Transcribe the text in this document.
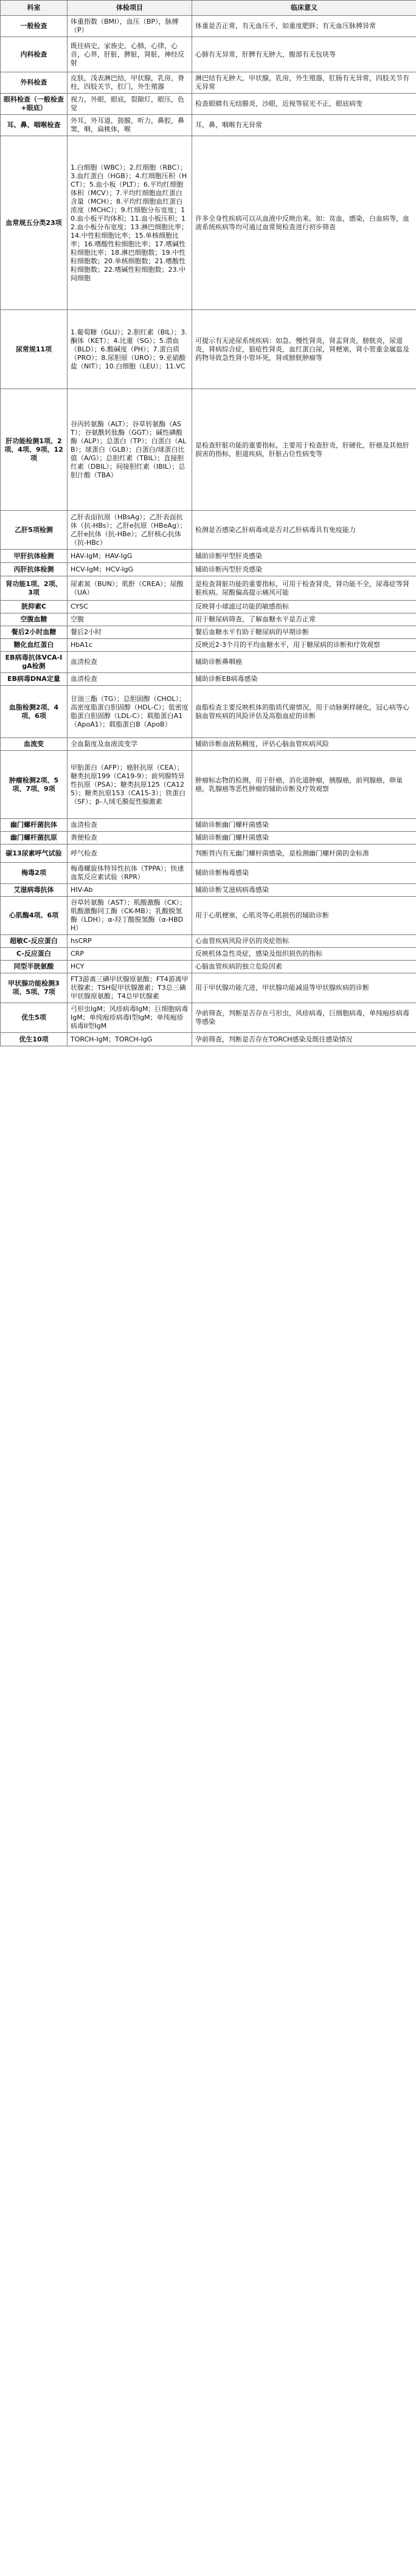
科室	体检项目	临床意义
一般检查	体重指数（BMI），血压（BP），脉搏（P）	体重是否正常，有无血压不，如重度肥胖；有无血压脉搏异常
内科检查	既往病史，家族史，心肺，心律，心音，心界，肝脏，脾脏，肾脏，神经反射	心肺有无异常，肝脾有无肿大，腹部有无包块等
外科检查	皮肤，浅表淋巴结，甲状腺，乳房，脊柱，四肢关节，肛门，外生殖器	淋巴结有无肿大，甲状腺，乳房，外生殖器，肛肠有无异常，四肢关节有无异常
眼科检查（一般检查+眼底）	视力，外眼，眼底，裂隙灯，眼压，色觉	检查眼睛有无结膜炎，沙眼，近视等屈光不正，眼底病变
耳、鼻、咽喉检查	外耳，外耳道，鼓膜，听力，鼻腔，鼻窦，咽，扁桃体，喉	耳，鼻，咽喉有无异常
血常规五分类23项	1.白细胞（WBC）；2.红细胞（RBC）；3.血红蛋白（HGB）；4.红细胞压积（HCT）；5.血小板（PLT）；6.平均红细胞体积（MCV）；7.平均红细胞血红蛋白含量（MCH）；8.平均红细胞血红蛋白浓度（MCHC）；9.红细胞分布宽度；10.血小板平均体积；11.血小板压积；12.血小板分布宽度；13.淋巴细胞比率；14.中性粒细胞比率；15.单核细胞比率；16.嗜酸性粒细胞比率；17.嗜碱性粒细胞比率；18.淋巴细胞数；19.中性粒细胞数；20.单核细胞数；21.嗜酸性粒细胞数；22.嗜碱性粒细胞数；23.中间细胞	许多全身性疾病可以从血液中反映出来。如：贫血，感染，白血病等，血液系统疾病等均可通过血常规检查进行初步筛查
尿常规11项	1.葡萄糖（GLU）；2.胆红素（BIL）；3.酮体（KET）；4.比重（SG）；5.潜血（BLD）；6.酸碱度（PH）；7.蛋白质（PRO）；8.尿胆原（URO）；9.亚硝酸盐（NIT）；10.白细胞（LEU）；11.VC	可提示有无泌尿系统疾病：如急、慢性肾炎，肾盂肾炎，膀胱炎，尿道炎，肾病综合症，狼疮性肾炎，血红蛋白尿，肾梗塞，肾小管重金属盐及药物导致急性肾小管坏死，肾或膀胱肿瘤等
肝功能检测1项、2项、4项、9项、12项	谷丙转氨酶（ALT）；谷草转氨酶（AST）；谷氨酰转肽酶（GGT）；碱性磷酸酶（ALP）；总蛋白（TP）；白蛋白（ALB）；球蛋白（GLB）；白蛋白/球蛋白比值（A/G）；总胆红素（TBIL）；直接胆红素（DBIL）；间接胆红素（IBIL）；总胆汁酸（TBA）	是检查肝脏功能的重要指标，主要用于检查肝炎，肝硬化，肝癌及其他肝损害的指标，胆道疾病，肝脏占位性病变等
乙肝5项检测	乙肝表面抗原（HBsAg）；乙肝表面抗体（抗-HBs）；乙肝e抗原（HBeAg）；乙肝e抗体（抗-HBe）；乙肝核心抗体（抗-HBc）	检测是否感染乙肝病毒或是否对乙肝病毒具有免疫能力
甲肝抗体检测	HAV-IgM；HAV-IgG	辅助诊断甲型肝炎感染
丙肝抗体检测	HCV-IgM；HCV-IgG	辅助诊断丙型肝炎感染
肾功能1项、2项、3项	尿素氮（BUN）；肌酐（CREA）；尿酸（UA）	是检查肾脏功能的重要指标，可用于检查肾炎，肾功能不全，尿毒症等肾脏疾病。尿酸偏高提示痛风可能
胱抑素C	CYSC	反映肾小球滤过功能的敏感指标
空腹血糖	空腹	用于糖尿病筛查，了解血糖水平是否正常
餐后2小时血糖	餐后2小时	餐后血糖水平有助于糖尿病的早期诊断
糖化血红蛋白	HbA1c	反映近2-3个月的平均血糖水平，用于糖尿病的诊断和疗效观察
EB病毒抗体VCA-IgA检测	血清检查	辅助诊断鼻咽癌
EB病毒DNA定量	血清检查	辅助诊断EB病毒感染
血脂检测2项、4项、6项	甘油三酯（TG）；总胆固醇（CHOL）；高密度脂蛋白胆固醇（HDL-C）；低密度脂蛋白胆固醇（LDL-C）；载脂蛋白A1（ApoA1）；载脂蛋白B（ApoB）	血脂检查主要反映机体的脂质代谢情况，用于动脉粥样硬化，冠心病等心脑血管疾病的风险评估及高脂血症的诊断
血流变	全血黏度及血液流变学	辅助诊断血液粘稠度，评估心脑血管疾病风险
肿瘤检测2项、5项、7项、9项	甲胎蛋白（AFP）；癌胚抗原（CEA）；糖类抗原199（CA19-9）；前列腺特异性抗原（PSA）；糖类抗原125（CA125）；糖类抗原153（CA15-3）；铁蛋白（SF）；β-人绒毛膜促性腺激素	肿瘤标志物的检测，用于肝癌，消化道肿瘤，胰腺癌，前列腺癌，卵巢癌，乳腺癌等恶性肿瘤的辅助诊断及疗效观察
幽门螺杆菌抗体	血清检查	辅助诊断幽门螺杆菌感染
幽门螺杆菌抗原	粪便检查	辅助诊断幽门螺杆菌感染
碳13尿素呼气试验	呼气检查	判断胃内有无幽门螺杆菌感染，是检测幽门螺杆菌的金标准
梅毒2项	梅毒螺旋体特异性抗体（TPPA）；快速血浆反应素试验（RPR）	辅助诊断梅毒感染
艾滋病毒抗体	HIV-Ab	辅助诊断艾滋病病毒感染
心肌酶4项、6项	谷草转氨酶（AST）；肌酸激酶（CK）；肌酸激酶同工酶（CK-MB）；乳酸脱氢酶（LDH）；α-羟丁酸脱氢酶（α-HBDH）	用于心肌梗塞，心肌炎等心肌损伤的辅助诊断
超敏C-反应蛋白	hsCRP	心血管疾病风险评估的炎症指标
C-反应蛋白	CRP	反映机体急性炎症，感染及组织损伤的指标
同型半胱氨酸	HCY	心脑血管疾病的独立危险因素
甲状腺功能检测3项、5项、7项	FT3游离三碘甲状腺原氨酸；FT4游离甲状腺素；TSH促甲状腺激素；T3总三碘甲状腺原氨酸；T4总甲状腺素	用于甲状腺功能亢进，甲状腺功能减退等甲状腺疾病的诊断
优生5项	弓形虫IgM；风疹病毒IgM；巨细胞病毒IgM；单纯疱疹病毒I型IgM；单纯疱疹病毒II型IgM	孕前筛查，判断是否存在弓形虫，风疹病毒，巨细胞病毒，单纯疱疹病毒等感染
优生10项	TORCH-IgM；TORCH-IgG	孕前筛查，判断是否存在TORCH感染及既往感染情况
